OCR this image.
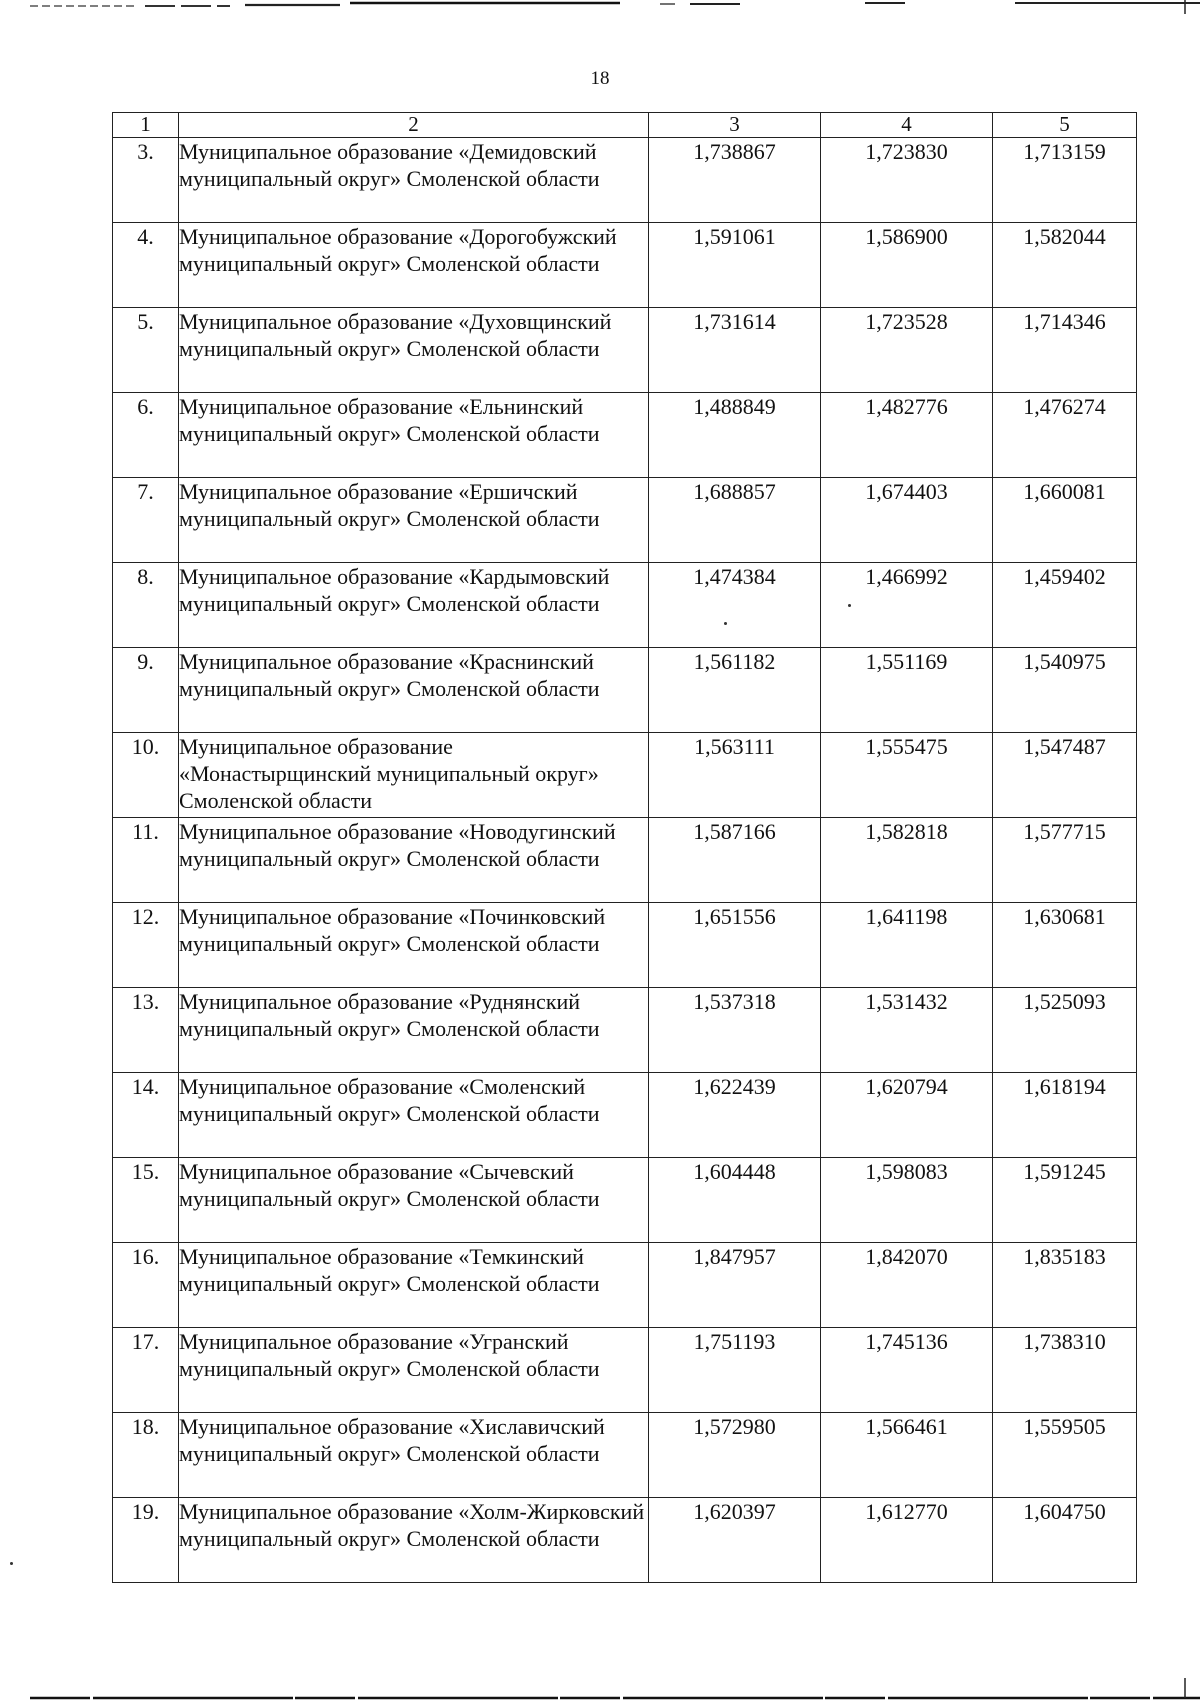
18
1	2	3	4	5
3.	Муниципальное образование «Демидовский муниципальный округ» Смоленской области	1,738867	1,723830	1,713159
4.	Муниципальное образование «Дорогобужский муниципальный округ» Смоленской области	1,591061	1,586900	1,582044
5.	Муниципальное образование «Духовщинский муниципальный округ» Смоленской области	1,731614	1,723528	1,714346
6.	Муниципальное образование «Ельнинский муниципальный округ» Смоленской области	1,488849	1,482776	1,476274
7.	Муниципальное образование «Ершичский муниципальный округ» Смоленской области	1,688857	1,674403	1,660081
8.	Муниципальное образование «Кардымовский муниципальный округ» Смоленской области	1,474384	1,466992	1,459402
9.	Муниципальное образование «Краснинский муниципальный округ» Смоленской области	1,561182	1,551169	1,540975
10.	Муниципальное образование «Монастырщинский муниципальный округ» Смоленской области	1,563111	1,555475	1,547487
11.	Муниципальное образование «Новодугинский муниципальный округ» Смоленской области	1,587166	1,582818	1,577715
12.	Муниципальное образование «Починковский муниципальный округ» Смоленской области	1,651556	1,641198	1,630681
13.	Муниципальное образование «Руднянский муниципальный округ» Смоленской области	1,537318	1,531432	1,525093
14.	Муниципальное образование «Смоленский муниципальный округ» Смоленской области	1,622439	1,620794	1,618194
15.	Муниципальное образование «Сычевский муниципальный округ» Смоленской области	1,604448	1,598083	1,591245
16.	Муниципальное образование «Темкинский муниципальный округ» Смоленской области	1,847957	1,842070	1,835183
17.	Муниципальное образование «Угранский муниципальный округ» Смоленской области	1,751193	1,745136	1,738310
18.	Муниципальное образование «Хиславичский муниципальный округ» Смоленской области	1,572980	1,566461	1,559505
19.	Муниципальное образование «Холм-Жирковский муниципальный округ» Смоленской области	1,620397	1,612770	1,604750
